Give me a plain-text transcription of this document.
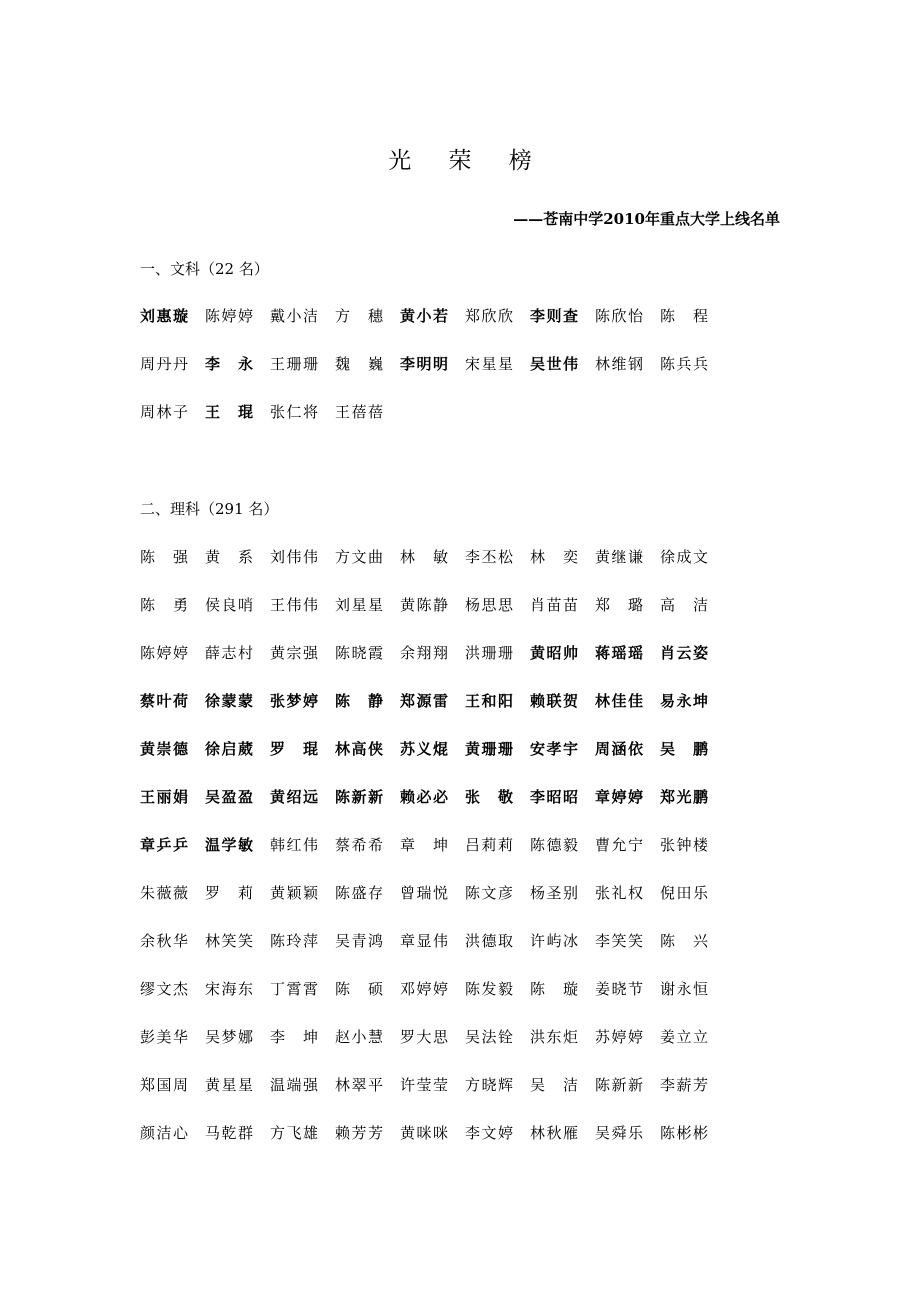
光 荣 榜
——苍南中学2010年重点大学上线名单
一、文科（22 名）
刘 惠 璇 陈 婷 婷 戴 小 洁 方 穗 黄 小 若 郑 欣 欣 李 则 查 陈 欣 怡 陈 程
周 丹 丹 李 永 王 珊 珊 魏 巍 李 明 明 宋 星 星 吴 世 伟 林 维 钢 陈 兵 兵
周 林 子 王 琨 张 仁 将 王 蓓 蓓
二、理科（291 名）
陈 强 黄 系 刘 伟 伟 方 文 曲 林 敏 李 丕 松 林 奕 黄 继 谦 徐 成 文
陈 勇 侯 良 哨 王 伟 伟 刘 星 星 黄 陈 静 杨 思 思 肖 苗 苗 郑 璐 高 洁
陈 婷 婷 薛 志 村 黄 宗 强 陈 晓 霞 余 翔 翔 洪 珊 珊 黄 昭 帅 蒋 瑶 瑶 肖 云 姿
蔡 叶 荷 徐 蒙 蒙 张 梦 婷 陈 静 郑 源 雷 王 和 阳 赖 联 贺 林 佳 佳 易 永 坤
黄 崇 德 徐 启 葳 罗 琨 林 高 侠 苏 义 焜 黄 珊 珊 安 孝 宇 周 涵 依 吴 鹏
王 丽 娟 吴 盈 盈 黄 绍 远 陈 新 新 赖 必 必 张 敬 李 昭 昭 章 婷 婷 郑 光 鹏
章 乒 乒 温 学 敏 韩 红 伟 蔡 希 希 章 坤 吕 莉 莉 陈 德 毅 曹 允 宁 张 钟 楼
朱 薇 薇 罗 莉 黄 颖 颖 陈 盛 存 曾 瑞 悦 陈 文 彦 杨 圣 别 张 礼 权 倪 田 乐
余 秋 华 林 笑 笑 陈 玲 萍 吴 青 鸿 章 显 伟 洪 德 取 许 屿 冰 李 笑 笑 陈 兴
缪 文 杰 宋 海 东 丁 霄 霄 陈 硕 邓 婷 婷 陈 发 毅 陈 璇 姜 晓 节 谢 永 恒
彭 美 华 吴 梦 娜 李 坤 赵 小 慧 罗 大 思 吴 法 铨 洪 东 炬 苏 婷 婷 姜 立 立
郑 国 周 黄 星 星 温 端 强 林 翠 平 许 莹 莹 方 晓 辉 吴 洁 陈 新 新 李 薪 芳
颜 洁 心 马 乾 群 方 飞 雄 赖 芳 芳 黄 咪 咪 李 文 婷 林 秋 雁 吴 舜 乐 陈 彬 彬
